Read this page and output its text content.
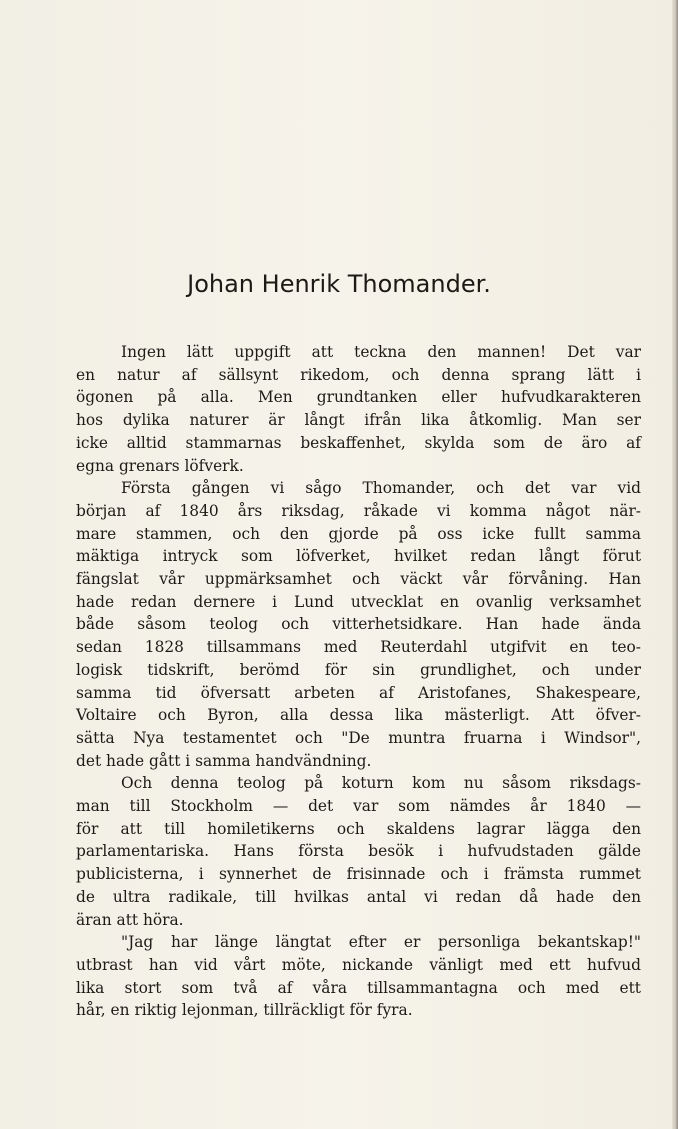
Johan Henrik Thomander.

Ingen lätt uppgift att teckna den mannen! Det var

en natur af sällsynt rikedom, och denna sprang lätt i

ögonen på alla. Men grundtanken eller hufvudkarakteren

hos dylika naturer är långt ifrån lika åtkomlig. Man ser

icke alltid stammarnas beskaffenhet, skylda som de äro af

egna grenars löfverk.

Första gången vi sågo Thomander, och det var vid

början af 1840 års riksdag, råkade vi komma något när-

mare stammen, och den gjorde på oss icke fullt samma

mäktiga intryck som löfverket, hvilket redan långt förut

fängslat vår uppmärksamhet och väckt vår förvåning. Han

hade redan dernere i Lund utvecklat en ovanlig verksamhet

både såsom teolog och vitterhetsidkare. Han hade ända

sedan 1828 tillsammans med Reuterdahl utgifvit en teo-

logisk tidskrift, berömd för sin grundlighet, och under

samma tid öfversatt arbeten af Aristofanes, Shakespeare,

Voltaire och Byron, alla dessa lika mästerligt. Att öfver-

sätta Nya testamentet och "De muntra fruarna i Windsor",

det hade gått i samma handvändning.

Och denna teolog på koturn kom nu såsom riksdags-

man till Stockholm — det var som nämdes år 1840 —

för att till homiletikerns och skaldens lagrar lägga den

parlamentariska. Hans första besök i hufvudstaden gälde

publicisterna, i synnerhet de frisinnade och i främsta rummet

de ultra radikale, till hvilkas antal vi redan då hade den

äran att höra.

"Jag har länge längtat efter er personliga bekantskap!"

utbrast han vid vårt möte, nickande vänligt med ett hufvud

lika stort som två af våra tillsammantagna och med ett

hår, en riktig lejonman, tillräckligt för fyra.
